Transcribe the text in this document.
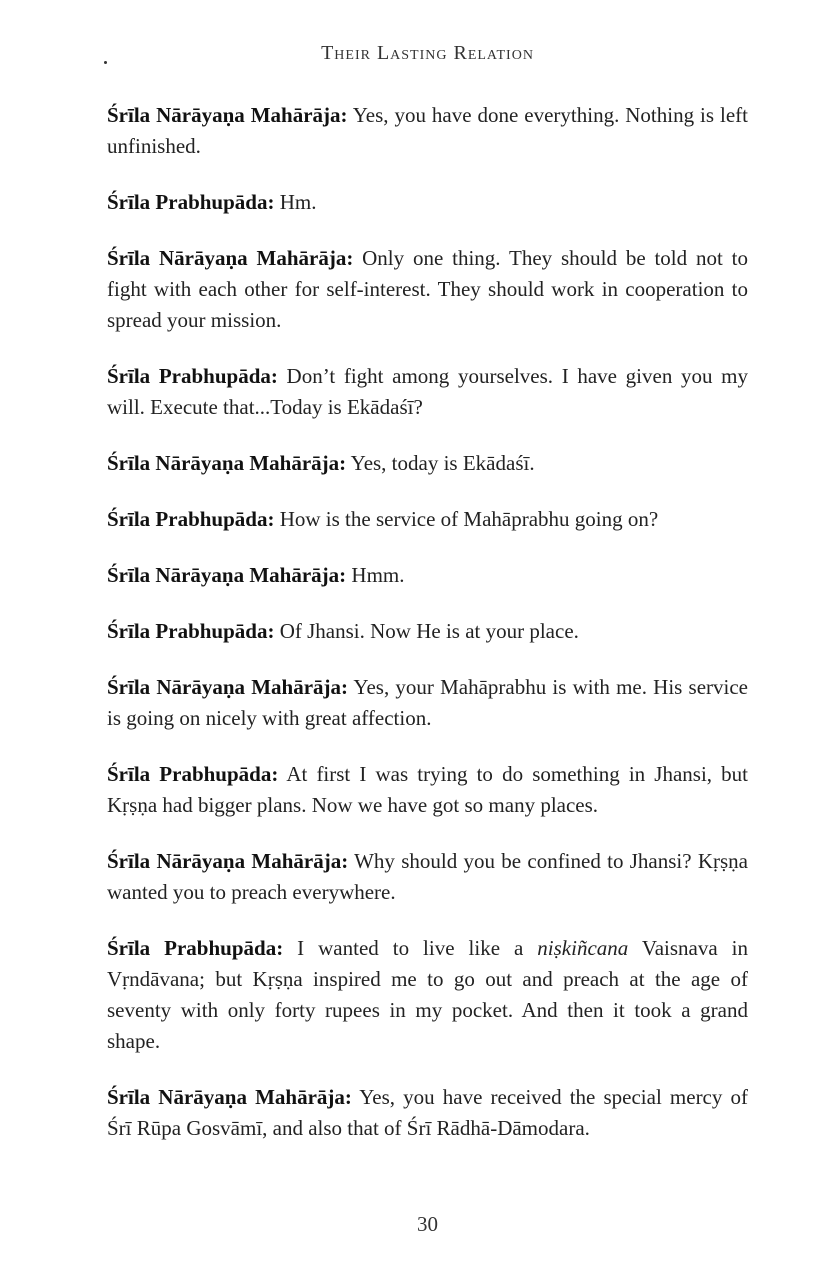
Their Lasting Relation

Śrīla Nārāyaṇa Mahārāja: Yes, you have done everything. Nothing is left unfinished.

Śrīla Prabhupāda: Hm.

Śrīla Nārāyaṇa Mahārāja: Only one thing. They should be told not to fight with each other for self-interest. They should work in cooperation to spread your mission.

Śrīla Prabhupāda: Don’t fight among yourselves. I have given you my will. Execute that...Today is Ekādaśī?

Śrīla Nārāyaṇa Mahārāja: Yes, today is Ekādaśī.

Śrīla Prabhupāda: How is the service of Mahāprabhu going on?

Śrīla Nārāyaṇa Mahārāja: Hmm.

Śrīla Prabhupāda: Of Jhansi. Now He is at your place.

Śrīla Nārāyaṇa Mahārāja: Yes, your Mahāprabhu is with me. His service is going on nicely with great affection.

Śrīla Prabhupāda: At first I was trying to do something in Jhansi, but Kṛṣṇa had bigger plans. Now we have got so many places.

Śrīla Nārāyaṇa Mahārāja: Why should you be confined to Jhansi? Kṛṣṇa wanted you to preach everywhere.

Śrīla Prabhupāda: I wanted to live like a niṣkiñcana Vaisnava in Vṛndāvana; but Kṛṣṇa inspired me to go out and preach at the age of seventy with only forty rupees in my pocket. And then it took a grand shape.

Śrīla Nārāyaṇa Mahārāja: Yes, you have received the special mercy of Śrī Rūpa Gosvāmī, and also that of Śrī Rādhā-Dāmodara.

30
